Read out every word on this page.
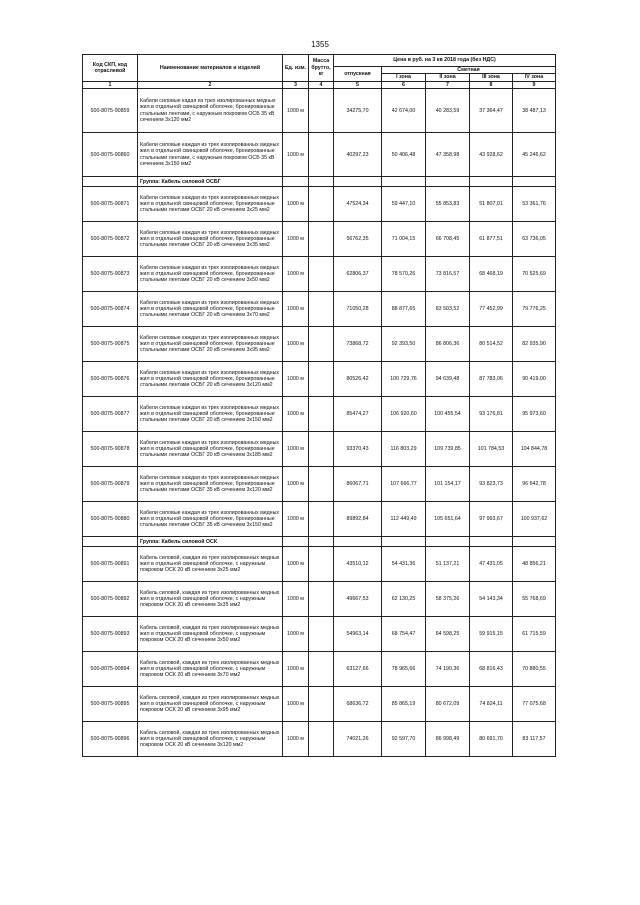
1355
Код СКП, код отраслевой	Наименование материалов и изделий	Ед. изм.	Масса брутто, кг	Цена в руб. на 3 кв 2018 года (без НДС)				
				отпускная	Сметная			
					I зона	II зона	III зона	IV зона
1	2	3	4	5	6	7	8	9
500-8075-90859	Кабели силовые кадая из трех изолированных медных жил в отдельной свинцовой оболочке, бронированные стальными лентами, с наружным покровом ОСБ 35 кВ сечением 3х120 мм2	1000 м		34275,70	42 674,00	40 283,59	37 364,47	38 487,13
500-8075-90860	Кабели силовые каждая из трех изолированных медных жил в отдельной свинцовой оболочке, бронированные стальными лентами, с наружным покровом ОСБ 35 кВ сечением 3х150 мм2	1000 м		40297,23	50 406,48	47 358,98	43 928,62	45 246,62
	Группа: Кабель силовой ОСБГ							
500-8075-90871	Кабели силовые каждая из трех изолированных медных жил в отдельной свинцовой оболочке, бронированные стальными лентами ОСБГ 20 кВ сечением 3х25 мм2	1000 м		47524,34	59 447,10	55 853,83	51 807,01	53 361,76
500-8075-90872	Кабели силовые каждая из трех изолированных медных жил в отдельной свинцовой оболочке, бронированные стальными лентами ОСБГ 20 кВ сечением 3х35 мм2	1000 м		56762,35	71 004,15	66 708,45	61 877,51	63 736,05
500-8075-90873	Кабели силовые каждая из трех изолированных медных жил в отдельной свинцовой оболочке, бронированные стальными лентами ОСБГ 20 кВ сечением 3х50 мм2	1000 м		62806,37	78 570,26	73 816,57	68 468,19	70 525,69
500-8075-90874	Кабели силовые каждая из трех изолированных медных жил в отдельной свинцовой оболочке, бронированные стальными лентами ОСБГ 20 кВ сечением 3х70 мм2	1000 м		71050,28	88 877,65	83 503,52	77 452,99	79 776,25
500-8075-90875	Кабели силовые каждая из трех изолированных медных жил в отдельной свинцовой оболочке, бронированные стальными лентами ОСБГ 20 кВ сечением 3х95 мм2	1000 м		73868,72	92 393,50	86 806,36	80 514,52	82 935,90
500-8075-90876	Кабели силовые каждая из трех изолированных медных жил в отдельной свинцовой оболочке, бронированные стальными лентами ОСБГ 20 кВ сечением 3х120 мм2	1000 м		80526,42	100 729,76	94 639,48	87 783,06	90 419,00
500-8075-90877	Кабели силовые каждая из трех изолированных медных жил в отдельной свинцовой оболочке, бронированные стальными лентами ОСБГ 20 кВ сечением 3х150 мм2	1000 м		85474,27	106 920,60	100 455,54	93 176,81	95 973,60
500-8075-90878	Кабели силовые каждая из трех изолированных медных жил в отдельной свинцовой оболочке, бронированные стальными лентами ОСБГ 20 кВ сечением 3х185 мм2	1000 м		93370,43	116 803,29	109 739,85	101 784,53	104 844,78
500-8075-90879	Кабели силовые каждая из трех изолированных медных жил в отдельной свинцовой оболочке, бронированные стальными лентами ОСБГ 35 кВ сечением 3х120 мм2	1000 м		86067,71	107 666,77	101 154,17	93 823,73	96 642,78
500-8075-90880	Кабели силовые каждая из трех изолированных медных жил в отдельной свинцовой оболочке, бронированные стальными лентами ОСБГ 35 кВ сечением 3х150 мм2	1000 м		89892,84	112 449,49	105 651,64	97 993,67	100 937,62
	Группа: Кабель силовой ОСК							
500-8075-90891	Кабель силовой, каждая из трех изолированных медных жил в отдельной свинцовой оболочке, с наружным покровом ОСК 20 кВ сечением 3х25 мм2	1000 м		43510,12	54 431,36	51 137,21	47 431,05	48 856,21
500-8075-90892	Кабель силовой, каждая из трех изолированных медных жил в отдельной свинцовой оболочке, с наружным покровом ОСК 20 кВ сечением 3х35 мм2	1000 м		49667,53	62 130,25	58 375,26	54 143,34	55 768,69
500-8075-90893	Кабель силовой, каждая из трех изолированных медных жил в отдельной свинцовой оболочке, с наружным покровом ОСК 20 кВ сечением 3х50 мм2	1000 м		54963,14	68 754,47	64 598,25	59 915,15	61 715,59
500-8075-90894	Кабель силовой, каждая из трех изолированных медных жил в отдельной свинцовой оболочке, с наружным покровом ОСК 20 кВ сечением 3х70 мм2	1000 м		63127,66	78 965,66	74 190,36	68 816,43	70 880,55
500-8075-90895	Кабель силовой, каждая из трех изолированных медных жил в отдельной свинцовой оболочке, с наружным покровом ОСК 20 кВ сечением 3х95 мм2	1000 м		68636,72	85 865,19	80 672,09	74 824,11	77 075,68
500-8075-90896	Кабель силовой, каждая из трех изолированных медных жил в отдельной свинцовой оболочке, с наружным покровом ОСК 20 кВ сечением 3х120 мм2	1000 м		74021,26	92 597,70	86 998,49	80 691,70	83 117,57
